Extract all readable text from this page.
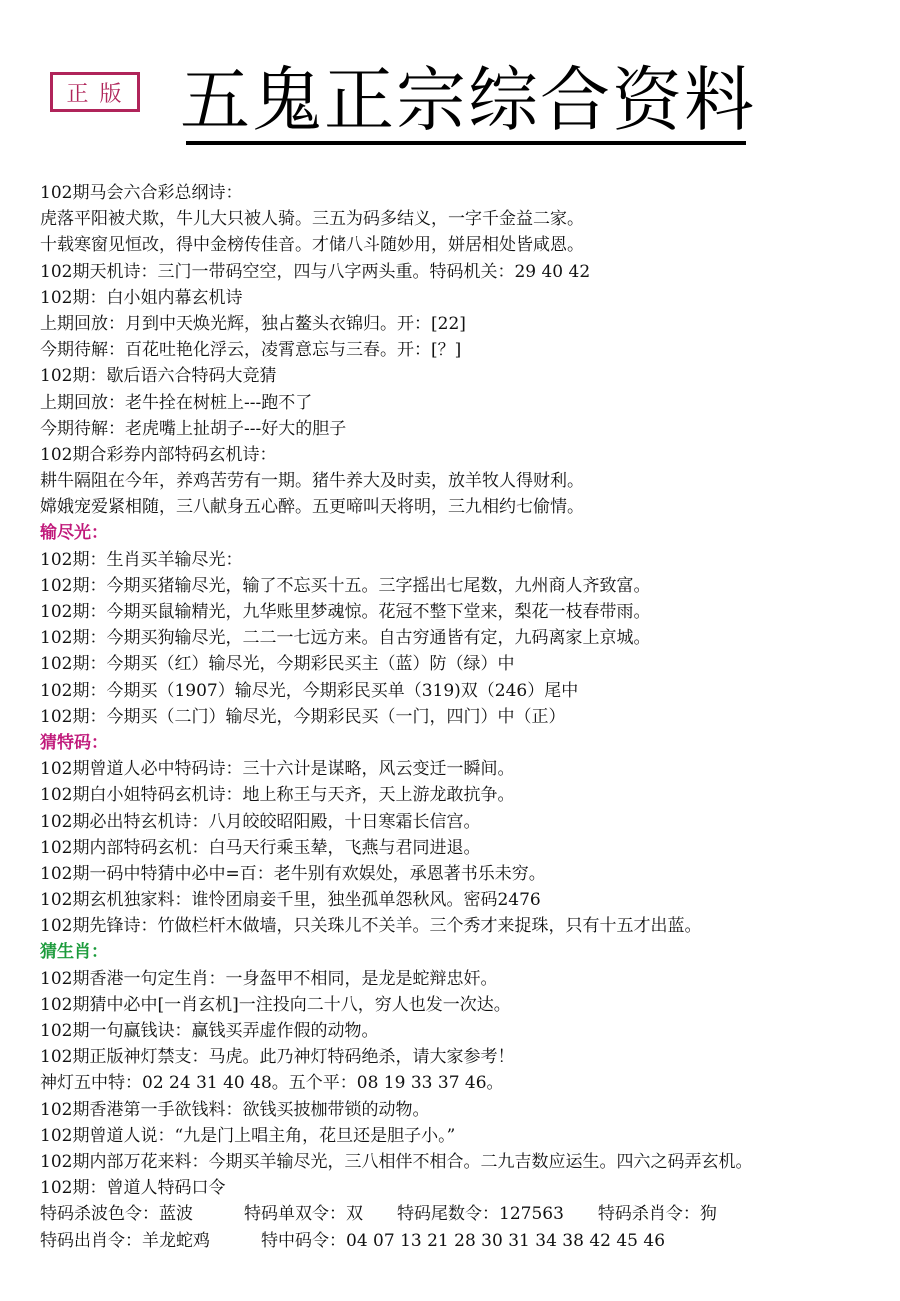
正 版 五鬼正宗综合资料
102期马会六合彩总纲诗：
虎落平阳被犬欺，牛儿大只被人骑。三五为码多结义，一字千金益二家。
十载寒窗见恒改，得中金榜传佳音。才储八斗随妙用，姘居相处皆咸恩。
102期天机诗：三门一带码空空，四与八字两头重。特码机关：29 40 42
102期：白小姐内幕玄机诗
上期回放：月到中天焕光辉，独占鳌头衣锦归。开：[22]
今期待解：百花吐艳化浮云，凌霄意忘与三春。开：[？]
102期：歇后语六合特码大竞猜
上期回放：老牛拴在树桩上---跑不了
今期待解：老虎嘴上扯胡子---好大的胆子
102期合彩券内部特码玄机诗：
耕牛隔阻在今年，养鸡苦劳有一期。猪牛养大及时卖，放羊牧人得财利。
嫦娥宠爱紧相随，三八献身五心醉。五更啼叫天将明，三九相约七偷情。
输尽光：
102期：生肖买羊输尽光：
102期：今期买猪输尽光，输了不忘买十五。三字摇出七尾数，九州商人齐致富。
102期：今期买鼠输精光，九华账里梦魂惊。花冠不整下堂来，梨花一枝春带雨。
102期：今期买狗输尽光，二二一七远方来。自古穷通皆有定，九码离家上京城。
102期：今期买（红）输尽光，今期彩民买主（蓝）防（绿）中
102期：今期买（1907）输尽光，今期彩民买单（319)双（246）尾中
102期：今期买（二门）输尽光，今期彩民买（一门，四门）中（正）
猜特码：
102期曾道人必中特码诗：三十六计是谋略，风云变迁一瞬间。
102期白小姐特码玄机诗：地上称王与天齐，天上游龙敢抗争。
102期必出特玄机诗：八月皎皎昭阳殿，十日寒霜长信宫。
102期内部特码玄机：白马天行乘玉辇，飞燕与君同进退。
102期一码中特猜中必中=百：老牛别有欢娱处，承恩著书乐未穷。
102期玄机独家料：谁怜团扇妾千里，独坐孤单怨秋风。密码2476
102期先锋诗：竹做栏杆木做墙，只关珠儿不关羊。三个秀才来捉珠，只有十五才出蓝。
猜生肖：
102期香港一句定生肖：一身盔甲不相同，是龙是蛇辩忠奸。
102期猜中必中[一肖玄机]一注投向二十八，穷人也发一次达。
102期一句赢钱诀：赢钱买弄虚作假的动物。
102期正版神灯禁支：马虎。此乃神灯特码绝杀，请大家参考！
神灯五中特：02 24 31 40 48。五个平：08 19 33 37 46。
102期香港第一手欲钱料：欲钱买披枷带锁的动物。
102期曾道人说：“九是门上唱主角，花旦还是胆子小。”
102期内部万花来料：今期买羊输尽光，三八相伴不相合。二九吉数应运生。四六之码弄玄机。
102期：曾道人特码口令
特码杀波色令：蓝波　　　特码单双令：双　　特码尾数令：127563　　特码杀肖令：狗
特码出肖令：羊龙蛇鸡　　　特中码令：04 07 13 21 28 30 31 34 38 42 45 46
